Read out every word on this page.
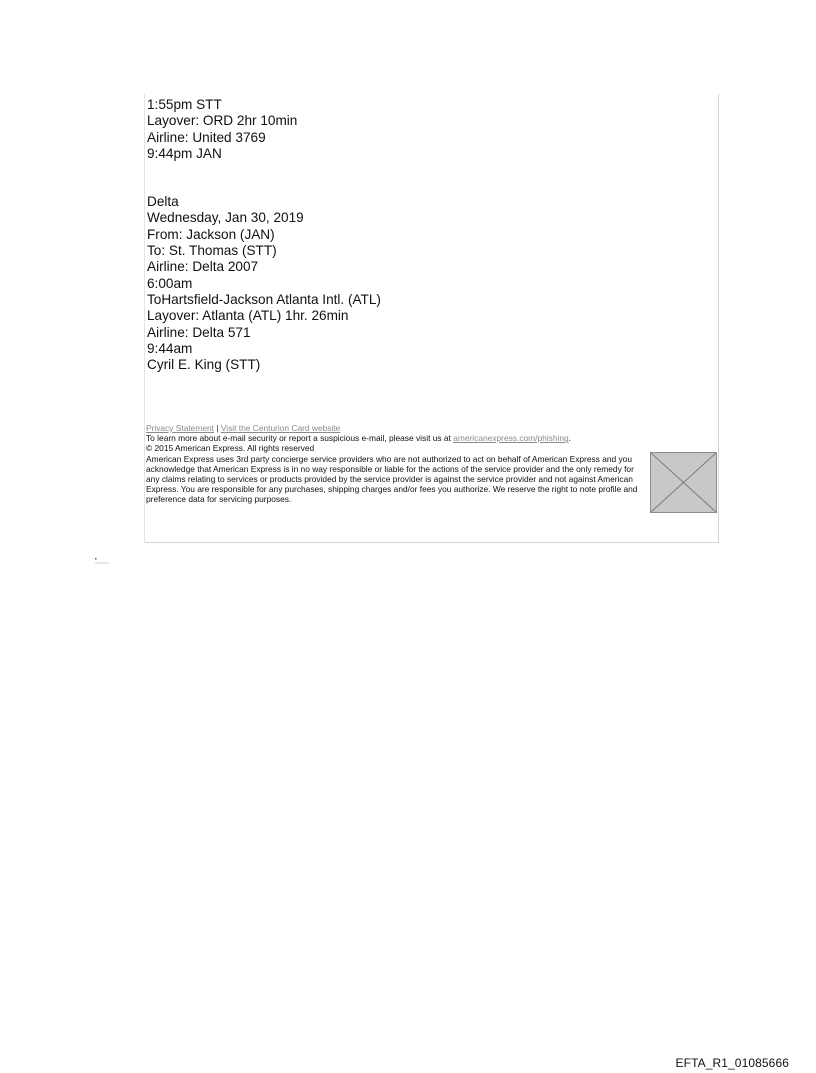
1:55pm STT
Layover: ORD 2hr 10min
Airline: United 3769
9:44pm JAN
Delta
Wednesday, Jan 30, 2019
From: Jackson (JAN)
To: St. Thomas (STT)
Airline: Delta 2007
6:00am
ToHartsfield-Jackson Atlanta Intl. (ATL)
Layover: Atlanta (ATL) 1hr. 26min
Airline: Delta 571
9:44am
Cyril E. King (STT)
Privacy Statement | Visit the Centurion Card website
To learn more about e-mail security or report a suspicious e-mail, please visit us at americanexpress.com/phishing.
© 2015 American Express. All rights reserved
American Express uses 3rd party concierge service providers who are not authorized to act on behalf of American Express and you acknowledge that American Express is in no way responsible or liable for the actions of the service provider and the only remedy for any claims relating to services or products provided by the service provider is against the service provider and not against American Express. You are responsible for any purchases, shipping charges and/or fees you authorize. We reserve the right to note profile and preference data for servicing purposes.
EFTA_R1_01085666
